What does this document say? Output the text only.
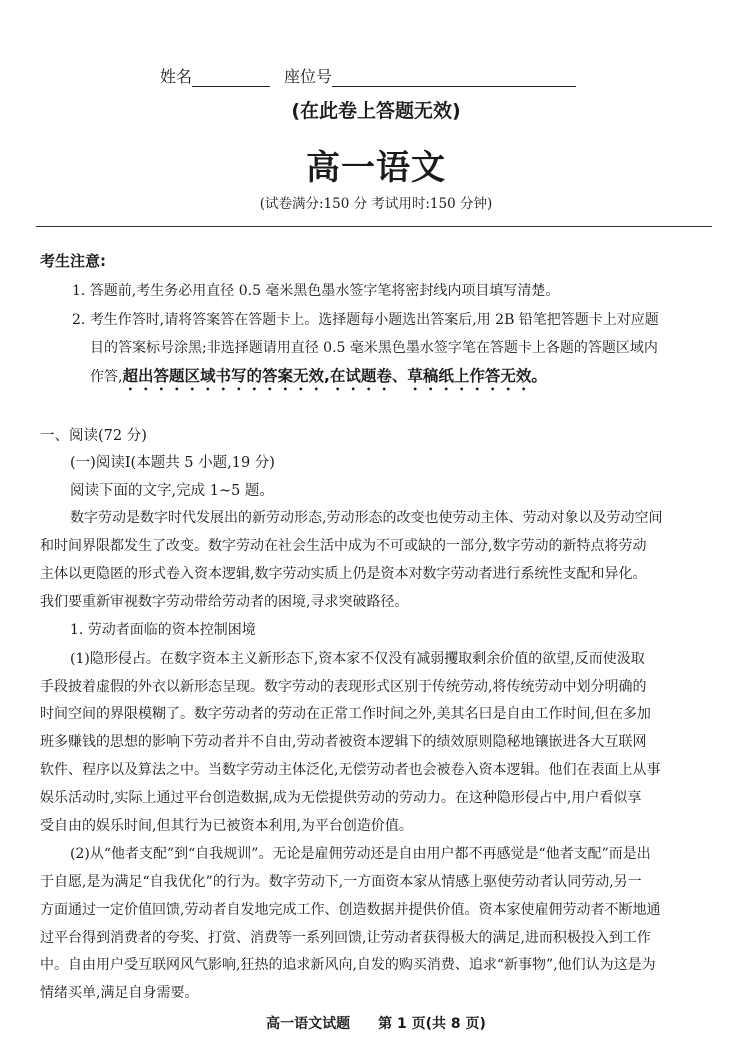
姓名	座位号
(在此卷上答题无效)
高一语文
(试卷满分:150 分 考试用时:150 分钟)
考生注意:
1. 答题前,考生务必用直径 0.5 毫米黑色墨水签字笔将密封线内项目填写清楚。
2. 考生作答时,请将答案答在答题卡上。选择题每小题选出答案后,用 2B 铅笔把答题卡上对应题
目的答案标号涂黑;非选择题请用直径 0.5 毫米黑色墨水签字笔在答题卡上各题的答题区域内
作答,超出答题区域书写的答案无效,在试题卷、草稿纸上作答无效。
一、阅读(72 分)
(一)阅读Ⅰ(本题共 5 小题,19 分)
阅读下面的文字,完成 1~5 题。
数字劳动是数字时代发展出的新劳动形态,劳动形态的改变也使劳动主体、劳动对象以及劳动空间
和时间界限都发生了改变。数字劳动在社会生活中成为不可或缺的一部分,数字劳动的新特点将劳动
主体以更隐匿的形式卷入资本逻辑,数字劳动实质上仍是资本对数字劳动者进行系统性支配和异化。
我们要重新审视数字劳动带给劳动者的困境,寻求突破路径。
1. 劳动者面临的资本控制困境
(1)隐形侵占。在数字资本主义新形态下,资本家不仅没有减弱攫取剩余价值的欲望,反而使汲取
手段披着虚假的外衣以新形态呈现。数字劳动的表现形式区别于传统劳动,将传统劳动中划分明确的
时间空间的界限模糊了。数字劳动者的劳动在正常工作时间之外,美其名曰是自由工作时间,但在多加
班多赚钱的思想的影响下劳动者并不自由,劳动者被资本逻辑下的绩效原则隐秘地镶嵌进各大互联网
软件、程序以及算法之中。当数字劳动主体泛化,无偿劳动者也会被卷入资本逻辑。他们在表面上从事
娱乐活动时,实际上通过平台创造数据,成为无偿提供劳动的劳动力。在这种隐形侵占中,用户看似享
受自由的娱乐时间,但其行为已被资本利用,为平台创造价值。
(2)从“他者支配”到“自我规训”。无论是雇佣劳动还是自由用户都不再感觉是“他者支配”而是出
于自愿,是为满足“自我优化”的行为。数字劳动下,一方面资本家从情感上驱使劳动者认同劳动,另一
方面通过一定价值回馈,劳动者自发地完成工作、创造数据并提供价值。资本家使雇佣劳动者不断地通
过平台得到消费者的夸奖、打赏、消费等一系列回馈,让劳动者获得极大的满足,进而积极投入到工作
中。自由用户受互联网风气影响,狂热的追求新风向,自发的购买消费、追求“新事物”,他们认为这是为
情绪买单,满足自身需要。
高一语文试题 第 1 页(共 8 页)
